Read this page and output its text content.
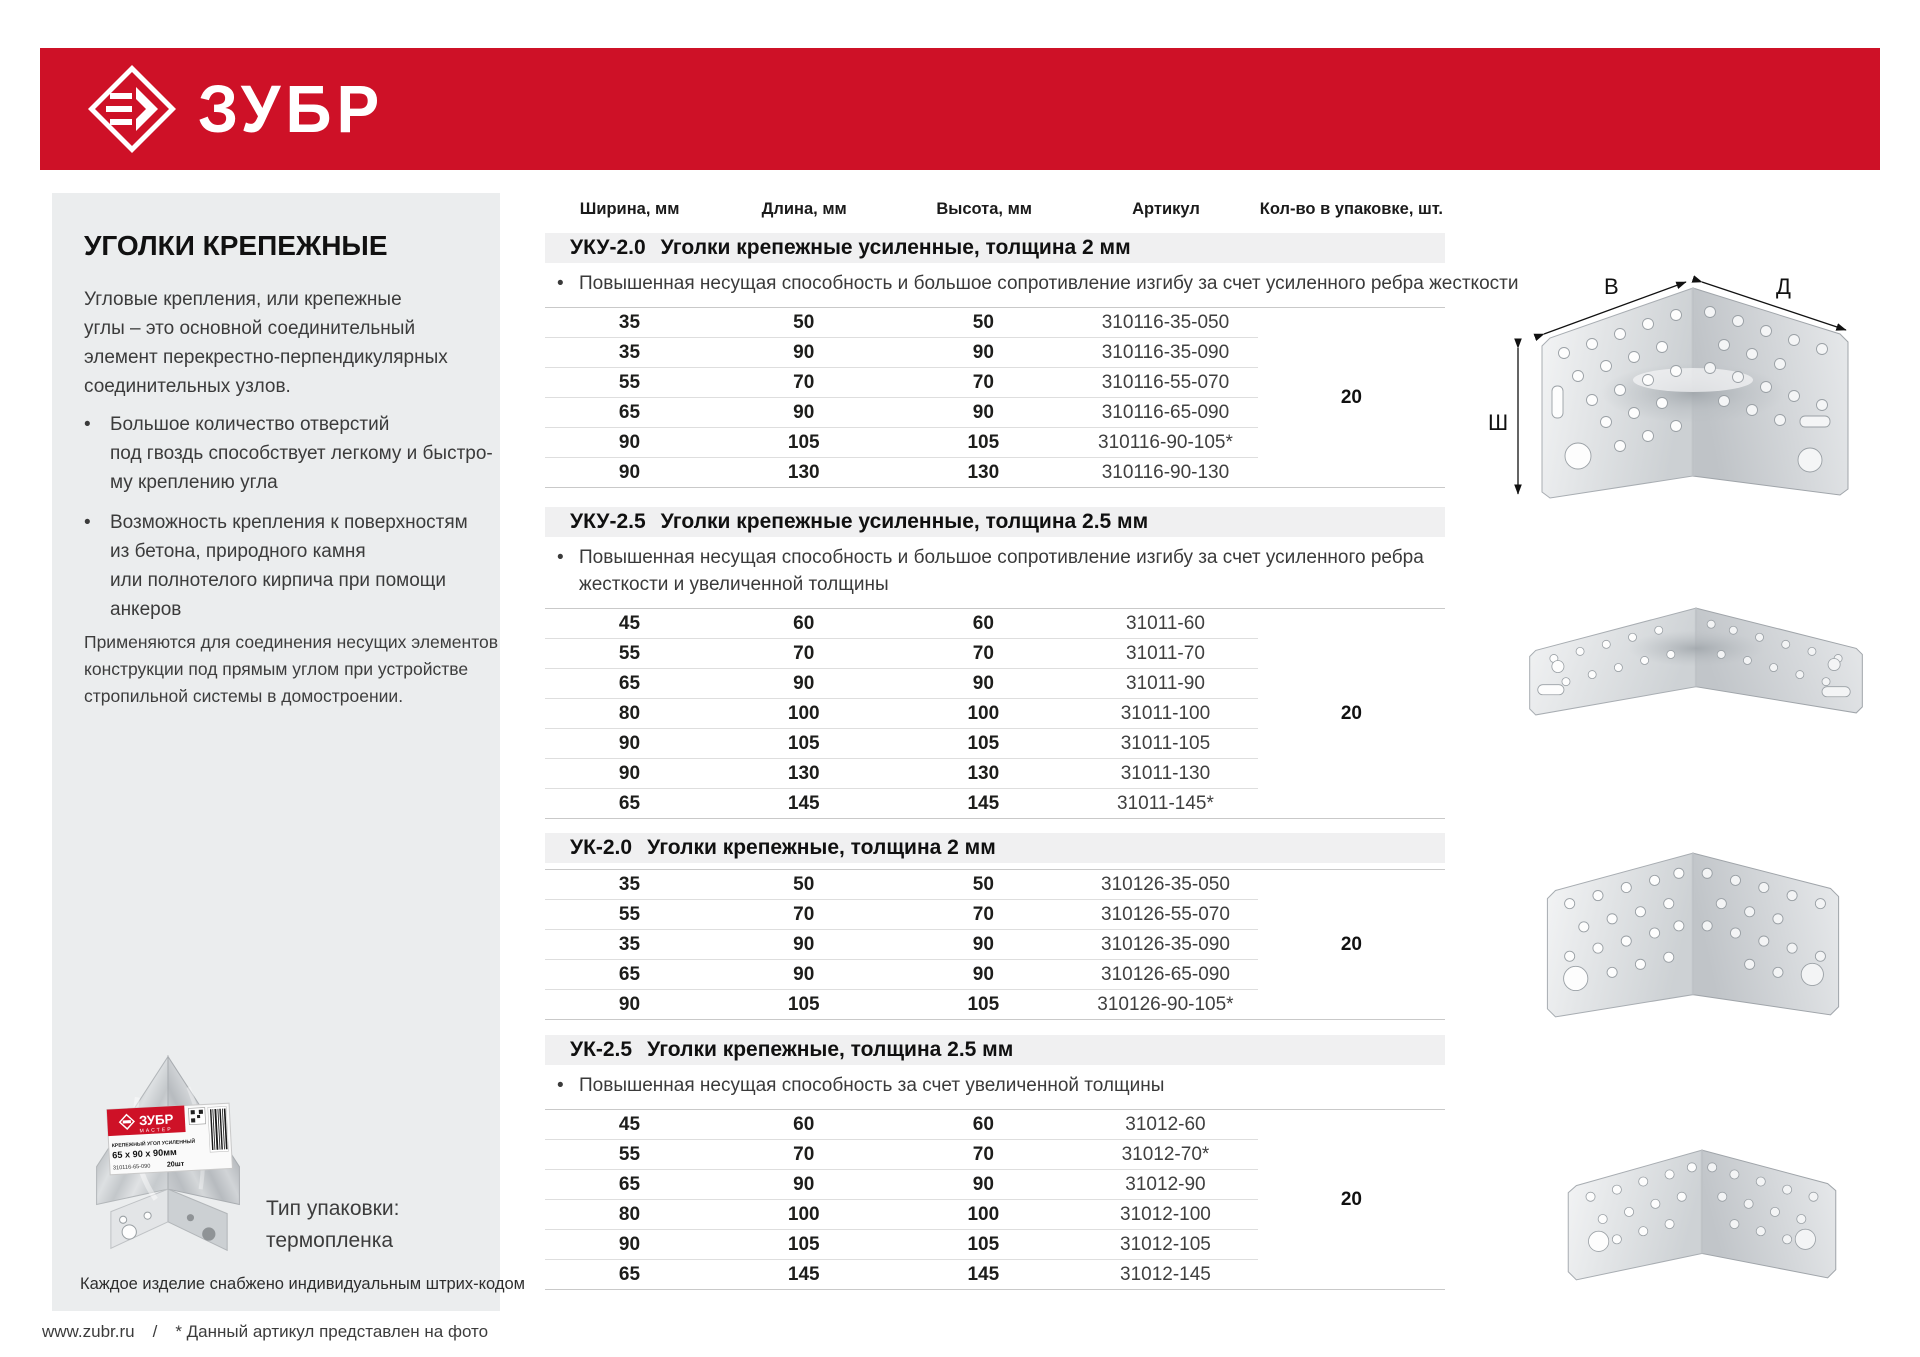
ЗУБР
УГОЛКИ КРЕПЕЖНЫЕ
Угловые крепления, или крепежные
углы – это основной соединительный
элемент перекрестно-перпендикулярных
соединительных узлов.
•	Большое количество отверстий
под гвоздь способствует легкому и быстро-
му креплению угла
•	Возможность крепления к поверхностям
из бетона, природного камня
или полнотелого кирпича при помощи
анкеров
Применяются для соединения несущих элементов
конструкции под прямым углом при устройстве
стропильной системы в домостроении.
ЗУБР
МАСТЕР
КРЕПЕЖНЫЙ УГОЛ УСИЛЕННЫЙ
65 x 90 x 90мм
310116-65-090 20шт
Тип упаковки:
термопленка
Каждое изделие снабжено индивидуальным штрих-кодом
Ширина, мм	Длина, мм	Высота, мм	Артикул	Кол-во в упаковке, шт.
УКУ-2.0 Уголки крепежные усиленные, толщина 2 мм
• Повышенная несущая способность и большое сопротивление изгибу за счет усиленного ребра жесткости
35	50	50	310116-35-050
35	90	90	310116-35-090
55	70	70	310116-55-070
65	90	90	310116-65-090
90	105	105	310116-90-105*
90	130	130	310116-90-130
20
УКУ-2.5 Уголки крепежные усиленные, толщина 2.5 мм
• Повышенная несущая способность и большое сопротивление изгибу за счет усиленного ребра
жесткости и увеличенной толщины
45	60	60	31011-60
55	70	70	31011-70
65	90	90	31011-90
80	100	100	31011-100
90	105	105	31011-105
90	130	130	31011-130
65	145	145	31011-145*
20
УК-2.0 Уголки крепежные, толщина 2 мм
35	50	50	310126-35-050
55	70	70	310126-55-070
35	90	90	310126-35-090
65	90	90	310126-65-090
90	105	105	310126-90-105*
20
УК-2.5 Уголки крепежные, толщина 2.5 мм
• Повышенная несущая способность за счет увеличенной толщины
45	60	60	31012-60
55	70	70	31012-70*
65	90	90	31012-90
80	100	100	31012-100
90	105	105	31012-105
65	145	145	31012-145
20
В	Д
Ш
www.zubr.ru / * Данный артикул представлен на фото
